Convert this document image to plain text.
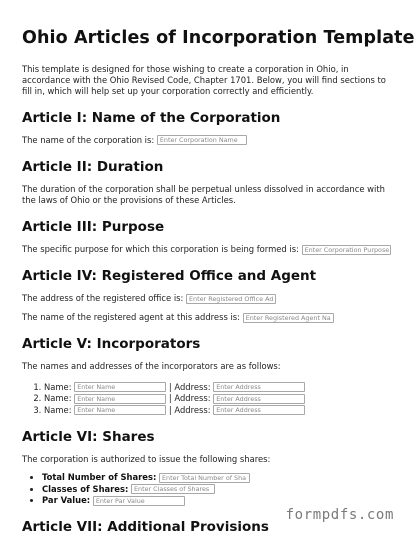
Ohio Articles of Incorporation Template

This template is designed for those wishing to create a corporation in Ohio, in accordance with the Ohio Revised Code, Chapter 1701. Below, you will find sections to fill in, which will help set up your corporation correctly and efficiently.

Article I: Name of the Corporation

The name of the corporation is: Enter Corporation Name

Article II: Duration

The duration of the corporation shall be perpetual unless dissolved in accordance with the laws of Ohio or the provisions of these Articles.

Article III: Purpose

The specific purpose for which this corporation is being formed is: Enter Corporation Purpose

Article IV: Registered Office and Agent

The address of the registered office is: Enter Registered Office Ad

The name of the registered agent at this address is: Enter Registered Agent Na

Article V: Incorporators

The names and addresses of the incorporators are as follows:

1. Name: Enter Name	| Address: Enter Address
2. Name: Enter Name	| Address: Enter Address
3. Name: Enter Name	| Address: Enter Address
Article VI: Shares

The corporation is authorized to issue the following shares:

• Total Number of Shares: Enter Total Number of Sha
• Classes of Shares: Enter Classes of Shares
• Par Value: Enter Par Value
Article VII: Additional Provisions
formpdfs.com
